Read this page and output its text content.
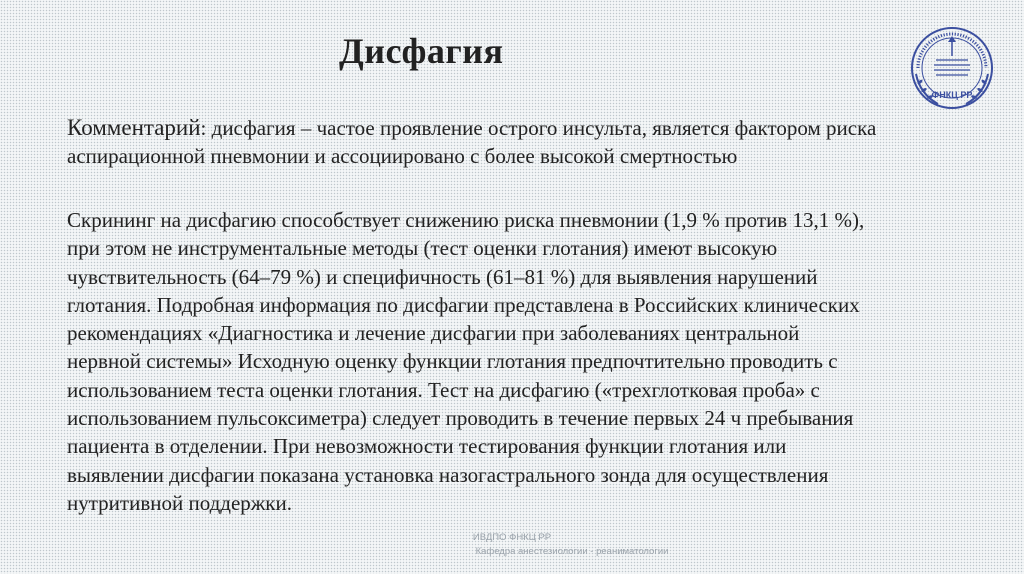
Дисфагия
ФНКЦ РР
Комментарий: дисфагия – частое проявление острого инсульта, является фактором риска аспирационной пневмонии и ассоциировано с более высокой смертностью
Скрининг на дисфагию способствует снижению риска пневмонии (1,9 % против 13,1 %),
при этом не инструментальные методы (тест оценки глотания) имеют высокую
чувствительность (64–79 %) и специфичность (61–81 %) для выявления нарушений
глотания. Подробная информация по дисфагии представлена в Российских клинических
рекомендациях «Диагностика и лечение дисфагии при заболеваниях центральной
нервной системы» Исходную оценку функции глотания предпочтительно проводить с
использованием теста оценки глотания. Тест на дисфагию («трехглотковая проба» с
использованием пульсоксиметра) следует проводить в течение первых 24 ч пребывания
пациента в отделении. При невозможности тестирования функции глотания или
выявлении дисфагии показана установка назогастрального зонда для осуществления
нутритивной поддержки.
ИВДПО ФНКЦ РР
Кафедра анестезиологии - реаниматологии
